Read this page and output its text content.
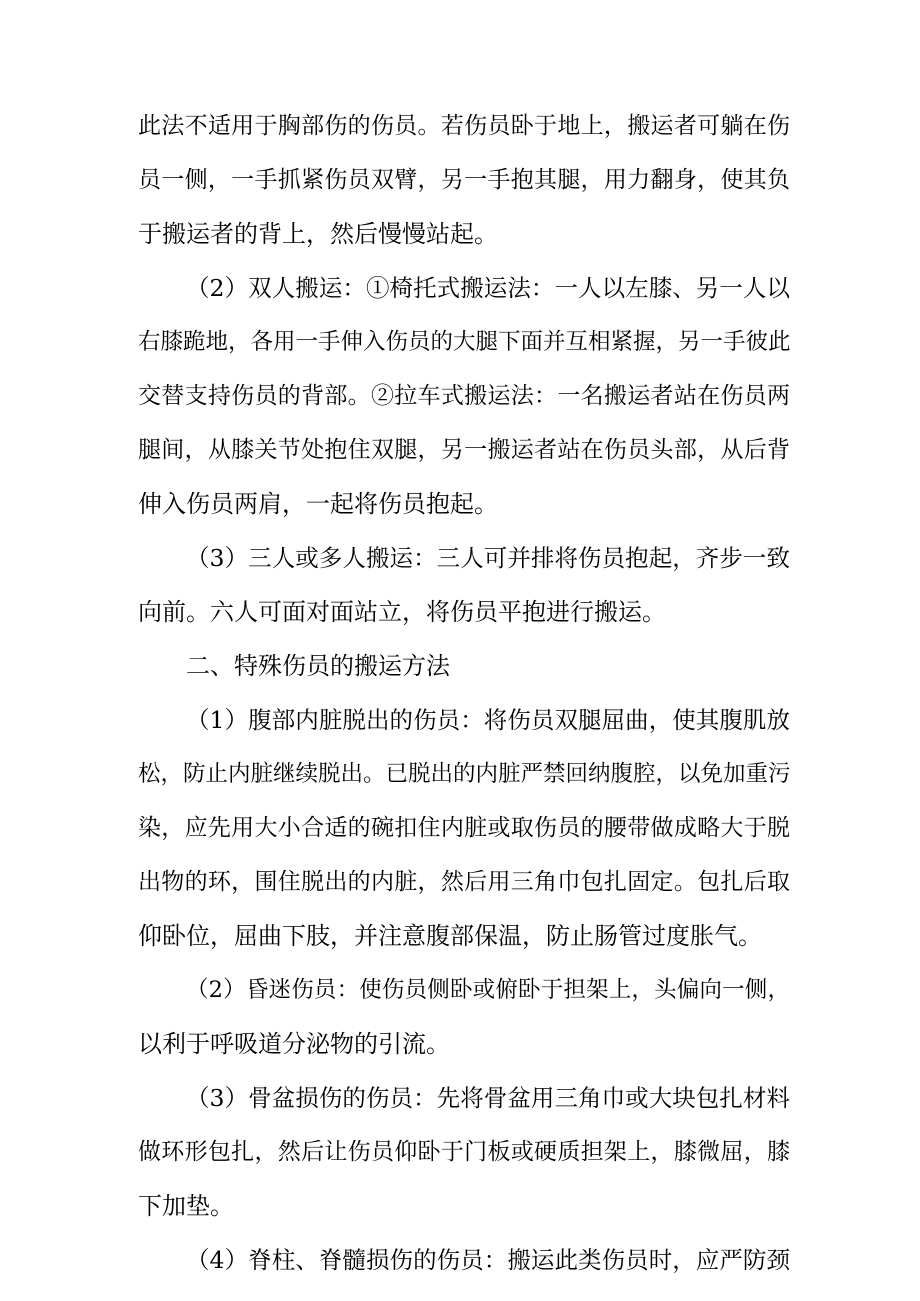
此法不适用于胸部伤的伤员。若伤员卧于地上，搬运者可躺在伤
员一侧，一手抓紧伤员双臂，另一手抱其腿，用力翻身，使其负
于搬运者的背上，然后慢慢站起。
（2）双人搬运：①椅托式搬运法：一人以左膝、另一人以
右膝跪地，各用一手伸入伤员的大腿下面并互相紧握，另一手彼此
交替支持伤员的背部。②拉车式搬运法：一名搬运者站在伤员两
腿间，从膝关节处抱住双腿，另一搬运者站在伤员头部，从后背
伸入伤员两肩，一起将伤员抱起。
（3）三人或多人搬运：三人可并排将伤员抱起，齐步一致
向前。六人可面对面站立，将伤员平抱进行搬运。
二、特殊伤员的搬运方法
（1）腹部内脏脱出的伤员：将伤员双腿屈曲，使其腹肌放
松，防止内脏继续脱出。已脱出的内脏严禁回纳腹腔，以免加重污
染，应先用大小合适的碗扣住内脏或取伤员的腰带做成略大于脱
出物的环，围住脱出的内脏，然后用三角巾包扎固定。包扎后取
仰卧位，屈曲下肢，并注意腹部保温，防止肠管过度胀气。
（2）昏迷伤员：使伤员侧卧或俯卧于担架上，头偏向一侧，
以利于呼吸道分泌物的引流。
（3）骨盆损伤的伤员：先将骨盆用三角巾或大块包扎材料
做环形包扎，然后让伤员仰卧于门板或硬质担架上，膝微屈，膝
下加垫。
（4）脊柱、脊髓损伤的伤员：搬运此类伤员时，应严防颈
